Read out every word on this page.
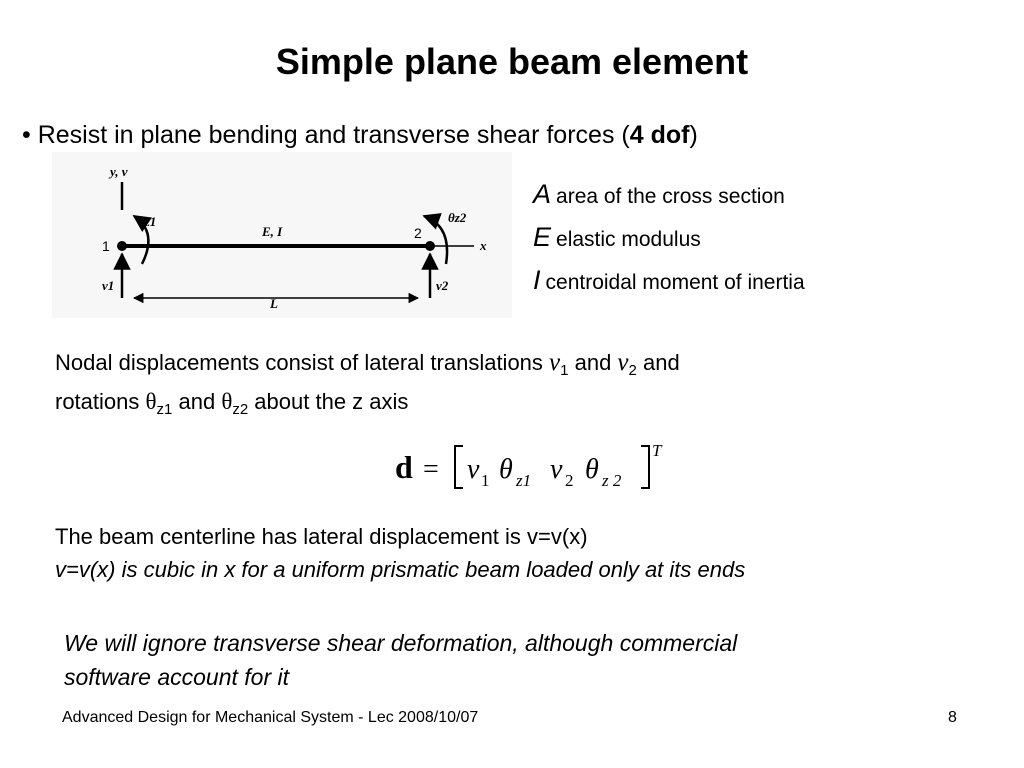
Simple plane beam element
• Resist in plane bending and transverse shear forces (4 dof)
y, v
θz1
x
E, I
1
2
θz2
v1	v2
L
A area of the cross section
E elastic modulus
I centroidal moment of inertia
Nodal displacements consist of lateral translations $v_1$ and $v_2$ and
rotations $\theta_{z1}$ and $\theta_{z2}$ about the z axis
d = v 1 θ z1 v 2 θ z 2
T
The beam centerline has lateral displacement is v=v(x)
v=v(x) is cubic in x for a uniform prismatic beam loaded only at its ends
We will ignore transverse shear deformation, although commercial
software account for it
Advanced Design for Mechanical System - Lec 2008/10/07	8
